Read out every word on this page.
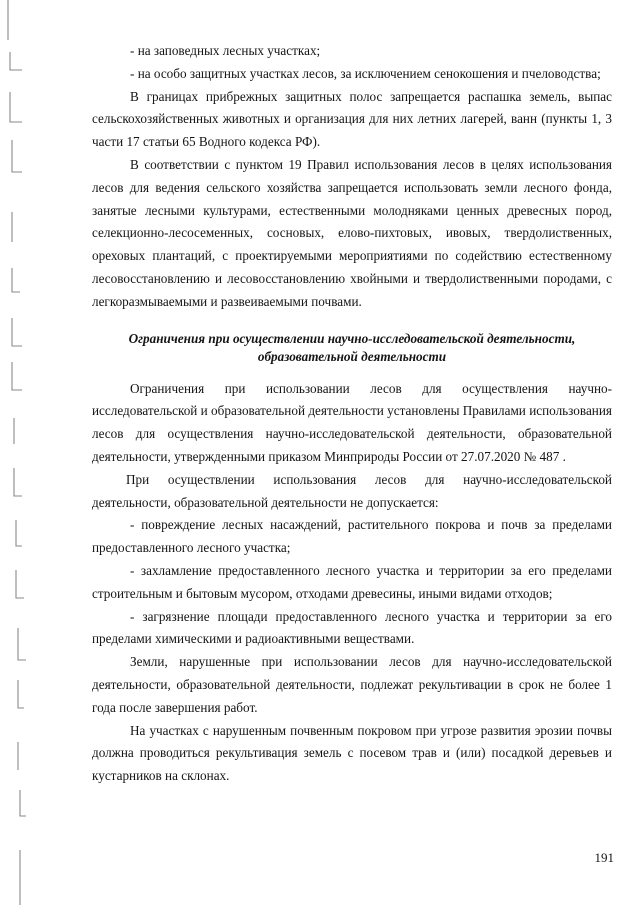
- на заповедных лесных участках;

- на особо защитных участках лесов, за исключением сенокошения и пчеловодства;

В границах прибрежных защитных полос запрещается распашка земель, выпас сельскохозяйственных животных и организация для них летних лагерей, ванн (пункты 1, 3 части 17 статьи 65 Водного кодекса РФ).

В соответствии с пунктом 19 Правил использования лесов в целях использования лесов для ведения сельского хозяйства запрещается использовать земли лесного фонда, занятые лесными культурами, естественными молодняками ценных древесных пород, селекционно-лесосеменных, сосновых, елово-пихтовых, ивовых, твердолиственных, ореховых плантаций, с проектируемыми мероприятиями по содействию естественному лесовосстановлению и лесовосстановлению хвойными и твердолиственными породами, с легкоразмываемыми и развеиваемыми почвами.

Ограничения при осуществлении научно-исследовательской деятельности,
образовательной деятельности

Ограничения при использовании лесов для осуществления научно-исследовательской и образовательной деятельности установлены Правилами использования лесов для осуществления научно-исследовательской деятельности, образовательной деятельности, утвержденными приказом Минприроды России от 27.07.2020 № 487 .

При осуществлении использования лесов для научно-исследовательской деятельности, образовательной деятельности не допускается:

- повреждение лесных насаждений, растительного покрова и почв за пределами предоставленного лесного участка;

- захламление предоставленного лесного участка и территории за его пределами строительным и бытовым мусором, отходами древесины, иными видами отходов;

- загрязнение площади предоставленного лесного участка и территории за его пределами химическими и радиоактивными веществами.

Земли, нарушенные при использовании лесов для научно-исследовательской деятельности, образовательной деятельности, подлежат рекультивации в срок не более 1 года после завершения работ.

На участках с нарушенным почвенным покровом при угрозе развития эрозии почвы должна проводиться рекультивация земель с посевом трав и (или) посадкой деревьев и кустарников на склонах.

191
